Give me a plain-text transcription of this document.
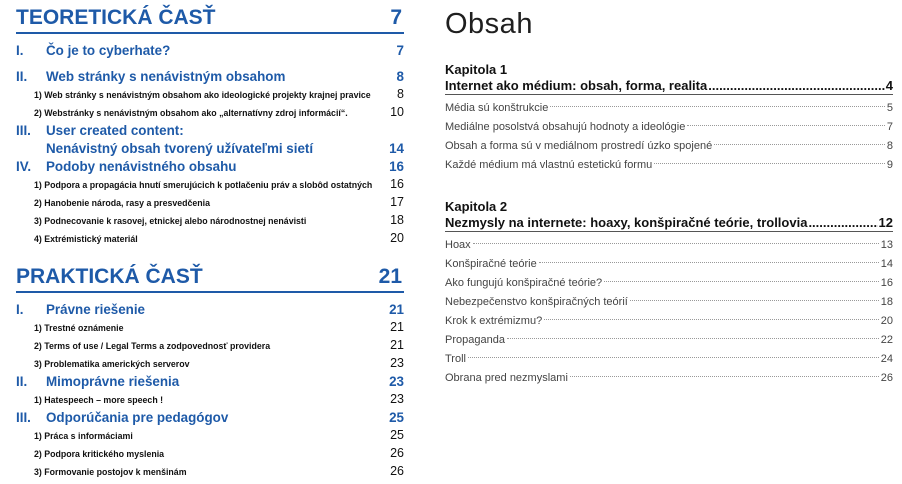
TEORETICKÁ ČASŤ	7
I.	Čo je to cyberhate?	7
II.	Web stránky s nenávistným obsahom	8
1) Web stránky s nenávistným obsahom ako ideologické projekty krajnej pravice	8
2) Webstránky s nenávistným obsahom ako „alternatívny zdroj informácií“.	10
III.	User created content:
Nenávistný obsah tvorený užívateľmi sietí	14
IV.	Podoby nenávistného obsahu	16
1) Podpora a propagácia hnutí smerujúcich k potlačeniu práv a slobôd ostatných	16
2) Hanobenie národa, rasy a presvedčenia	17
3) Podnecovanie k rasovej, etnickej alebo národnostnej nenávisti	18
4) Extrémistický materiál	20
PRAKTICKÁ ČASŤ	21
I.	Právne riešenie	21
1) Trestné oznámenie	21
2) Terms of use / Legal Terms a zodpovednosť providera	21
3) Problematika amerických serverov	23
II.	Mimoprávne riešenia	23
1) Hatespeech – more speech !	23
III.	Odporúčania pre pedagógov	25
1) Práca s informáciami	25
2) Podpora kritického myslenia	26
3) Formovanie postojov k menšinám	26
Obsah
Kapitola 1
Internet ako médium: obsah, forma, realita .....	4
Média sú konštrukcie	5
Mediálne posolstvá obsahujú hodnoty a ideológie	7
Obsah a forma sú v mediálnom prostredí úzko spojené	8
Každé médium má vlastnú estetickú formu	9
Kapitola 2
Nezmysly na internete: hoaxy, konšpiračné teórie, trollovia .....	12
Hoax	13
Konšpiračné teórie	14
Ako fungujú konšpiračné teórie?	16
Nebezpečenstvo konšpiračných teórií	18
Krok k extrémizmu?	20
Propaganda	22
Troll	24
Obrana pred nezmyslami	26
